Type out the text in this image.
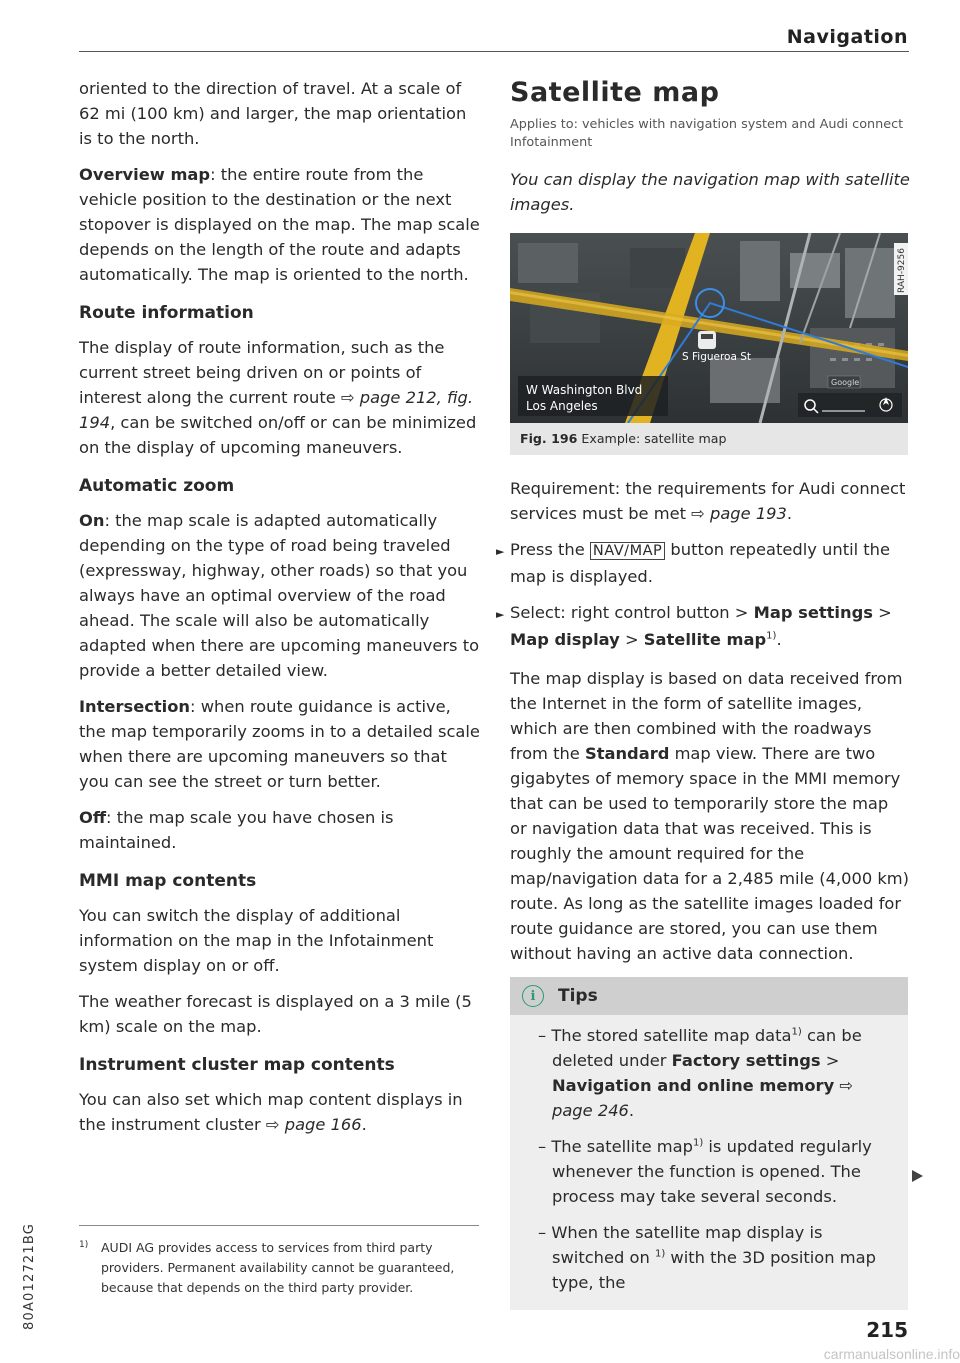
Navigation

oriented to the direction of travel. At a scale of 62 mi (100 km) and larger, the map orientation is to the north.

Overview map: the entire route from the vehicle position to the destination or the next stopover is displayed on the map. The map scale depends on the length of the route and adapts automatically. The map is oriented to the north.

Route information

The display of route information, such as the current street being driven on or points of interest along the current route ⇨ page 212, fig. 194, can be switched on/off or can be minimized on the display of upcoming maneuvers.

Automatic zoom

On: the map scale is adapted automatically depending on the type of road being traveled (expressway, highway, other roads) so that you always have an optimal overview of the road ahead. The scale will also be automatically adapted when there are upcoming maneuvers to provide a better detailed view.

Intersection: when route guidance is active, the map temporarily zooms in to a detailed scale when there are upcoming maneuvers so that you can see the street or turn better.

Off: the map scale you have chosen is maintained.

MMI map contents

You can switch the display of additional information on the map in the Infotainment system display on or off.

The weather forecast is displayed on a 3 mile (5 km) scale on the map.

Instrument cluster map contents

You can also set which map content displays in the instrument cluster ⇨ page 166.

Satellite map
Applies to: vehicles with navigation system and Audi connect Infotainment
You can display the navigation map with satellite images.
S Figueroa St
W Washington Blvd
Los Angeles
Google
RAH-9256
Fig. 196 Example: satellite map

Requirement: the requirements for Audi connect services must be met ⇨ page 193.

► Press the NAV/MAP button repeatedly until the map is displayed.

► Select: right control button > Map settings > Map display > Satellite map$^{1)}$.

The map display is based on data received from the Internet in the form of satellite images, which are then combined with the roadways from the Standard map view. There are two gigabytes of memory space in the MMI memory that can be used to temporarily store the map or navigation data that was received. This is roughly the amount required for the map/navigation data for a 2,485 mile (4,000 km) route. As long as the satellite images loaded for route guidance are stored, you can use them without having an active data connection.

i	Tips

– The stored satellite map data$^{1)}$ can be deleted under Factory settings > Navigation and online memory ⇨ page 246.

– The satellite map$^{1)}$ is updated regularly whenever the function is opened. The process may take several seconds.

– When the satellite map display is switched on $^{1)}$ with the 3D position map type, the

80A012721BG	1) AUDI AG provides access to services from third party providers. Permanent availability cannot be guaranteed, because that depends on the third party provider.
215
carmanualsonline.info
